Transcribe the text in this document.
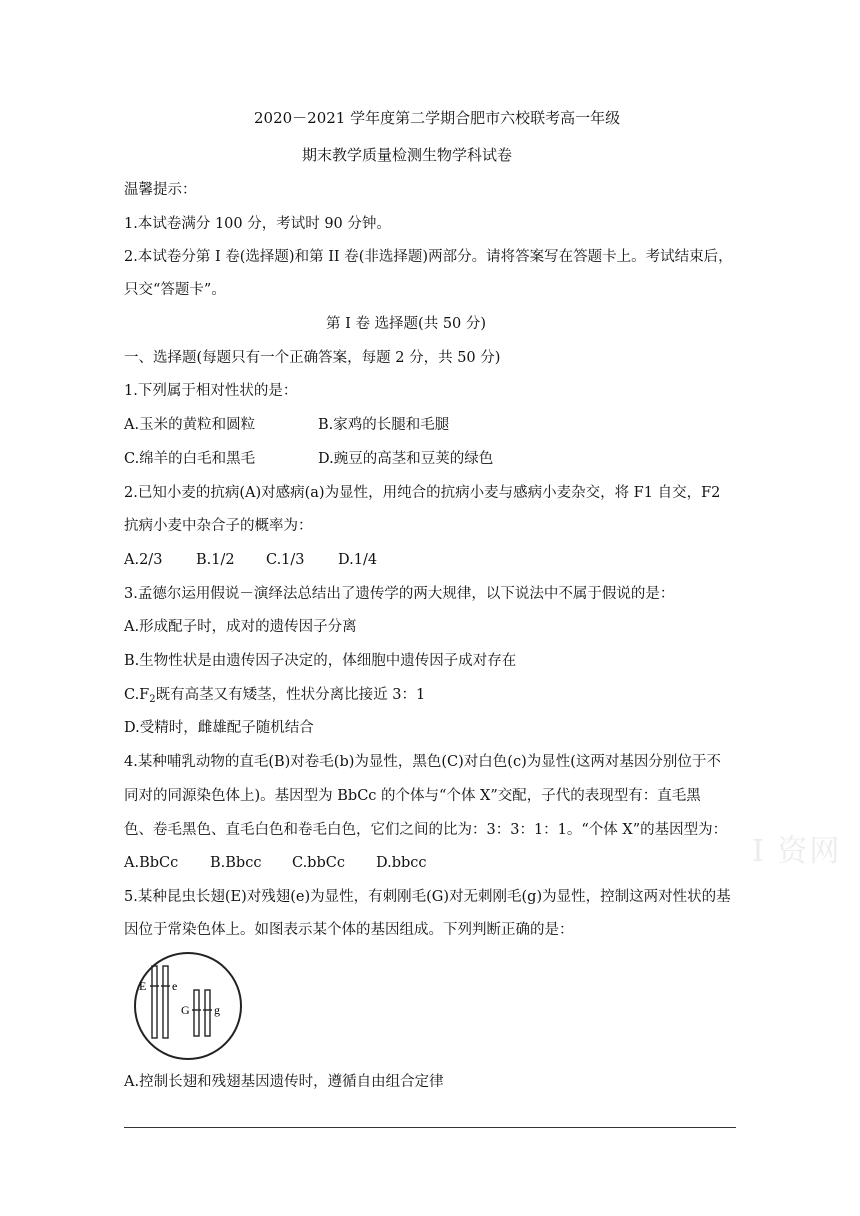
2020－2021 学年度第二学期合肥市六校联考高一年级
期末教学质量检测生物学科试卷
温馨提示：
1.本试卷满分 100 分，考试时 90 分钟。
2.本试卷分第 I 卷(选择题)和第 II 卷(非选择题)两部分。请将答案写在答题卡上。考试结束后，
只交“答题卡”。
第 I 卷 选择题(共 50 分)
一、选择题(每题只有一个正确答案，每题 2 分，共 50 分)
1.下列属于相对性状的是：
A.玉米的黄粒和圆粒	B.家鸡的长腿和毛腿
C.绵羊的白毛和黑毛	D.豌豆的高茎和豆荚的绿色
2.已知小麦的抗病(A)对感病(a)为显性，用纯合的抗病小麦与感病小麦杂交，将 F1 自交，F2
抗病小麦中杂合子的概率为：
A.2/3 B.1/2 C.1/3 D.1/4
3.孟德尔运用假说－演绎法总结出了遗传学的两大规律，以下说法中不属于假说的是：
A.形成配子时，成对的遗传因子分离
B.生物性状是由遗传因子决定的，体细胞中遗传因子成对存在
$C.F_2$既有高茎又有矮茎，性状分离比接近 3：1
D.受精时，雌雄配子随机结合
4.某种哺乳动物的直毛(B)对卷毛(b)为显性，黑色(C)对白色(c)为显性(这两对基因分别位于不
同对的同源染色体上)。基因型为 BbCc 的个体与“个体 X”交配，子代的表现型有：直毛黑
色、卷毛黑色、直毛白色和卷毛白色，它们之间的比为：3：3：1：1。“个体 X”的基因型为：
A.BbCc B.Bbcc C.bbCc D.bbcc	I 资网
5.某种昆虫长翅(E)对残翅(e)为显性，有刺刚毛(G)对无刺刚毛(g)为显性，控制这两对性状的基
因位于常染色体上。如图表示某个体的基因组成。下列判断正确的是：
E e
G g
A.控制长翅和残翅基因遗传时，遵循自由组合定律
